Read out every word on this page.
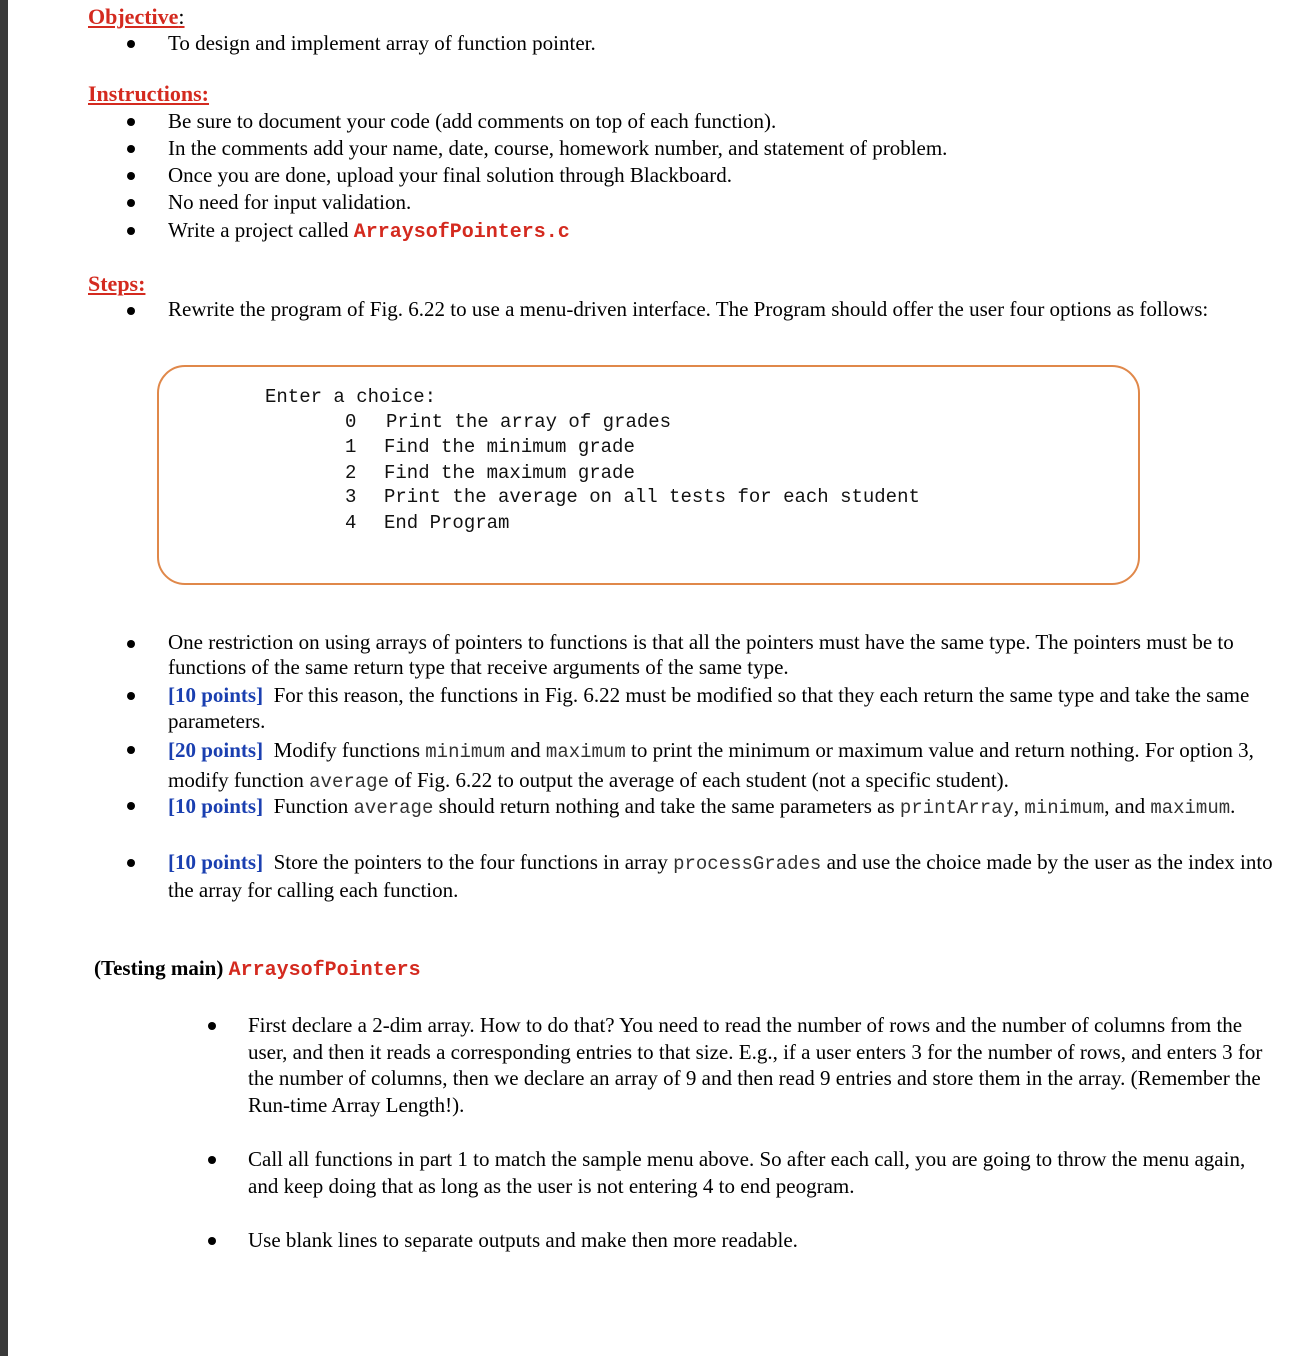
Objective:
To design and implement array of function pointer.
Instructions:
Be sure to document your code (add comments on top of each function).
In the comments add your name, date, course, homework number, and statement of problem.
Once you are done, upload your final solution through Blackboard.
No need for input validation.
Write a project called ArraysofPointers.c
Steps:
Rewrite the program of Fig. 6.22 to use a menu-driven interface. The Program should offer the user four options as follows:
Enter a choice:
0 Print the array of grades
1 Find the minimum grade
2 Find the maximum grade
3 Print the average on all tests for each student
4 End Program
One restriction on using arrays of pointers to functions is that all the pointers must have the same type. The pointers must be to functions of the same return type that receive arguments of the same type.
[10 points] For this reason, the functions in Fig. 6.22 must be modified so that they each return the same type and take the same parameters.
[20 points] Modify functions minimum and maximum to print the minimum or maximum value and return nothing. For option 3, modify function average of Fig. 6.22 to output the average of each student (not a specific student).
[10 points] Function average should return nothing and take the same parameters as printArray, minimum, and maximum.
[10 points] Store the pointers to the four functions in array processGrades and use the choice made by the user as the index into the array for calling each function.
(Testing main) ArraysofPointers
First declare a 2-dim array. How to do that? You need to read the number of rows and the number of columns from the user, and then it reads a corresponding entries to that size. E.g., if a user enters 3 for the number of rows, and enters 3 for the number of columns, then we declare an array of 9 and then read 9 entries and store them in the array. (Remember the Run-time Array Length!).
Call all functions in part 1 to match the sample menu above. So after each call, you are going to throw the menu again, and keep doing that as long as the user is not entering 4 to end peogram.
Use blank lines to separate outputs and make then more readable.
